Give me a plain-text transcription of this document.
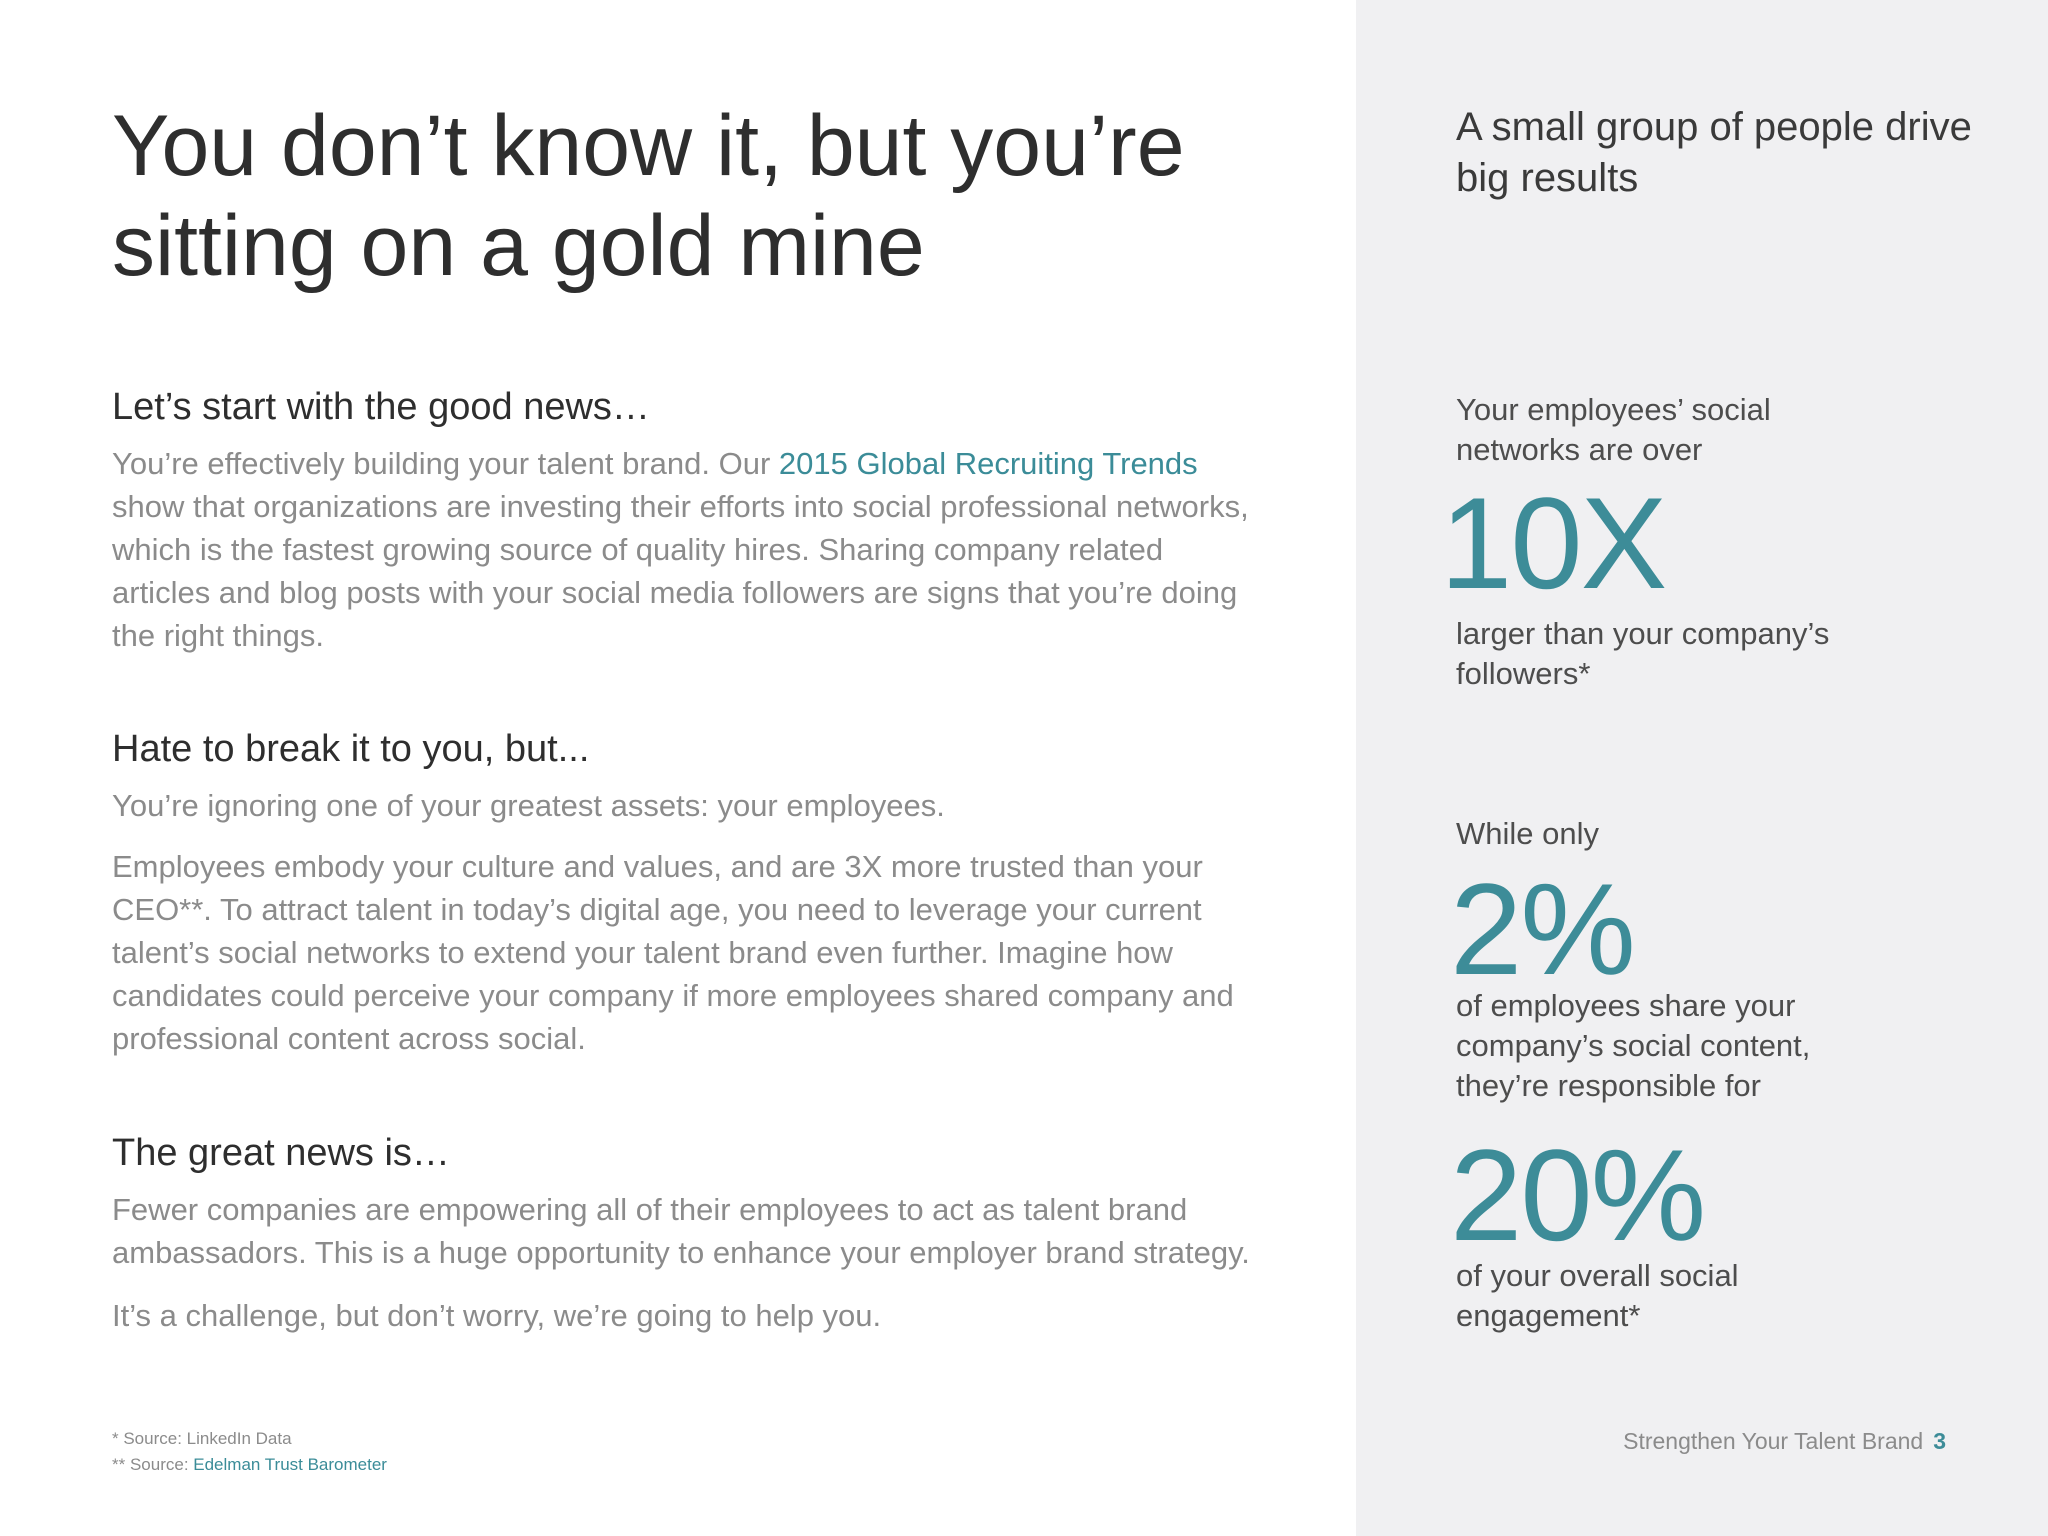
You don’t know it, but you’re sitting on a gold mine
Let’s start with the good news…

You’re effectively building your talent brand. Our 2015 Global Recruiting Trends show that organizations are investing their efforts into social professional networks, which is the fastest growing source of quality hires. Sharing company related articles and blog posts with your social media followers are signs that you’re doing the right things.

Hate to break it to you, but...

You’re ignoring one of your greatest assets: your employees.

Employees embody your culture and values, and are 3X more trusted than your CEO**. To attract talent in today’s digital age, you need to leverage your current talent’s social networks to extend your talent brand even further. Imagine how candidates could perceive your company if more employees shared company and professional content across social.

The great news is…

Fewer companies are empowering all of their employees to act as talent brand ambassadors. This is a huge opportunity to enhance your employer brand strategy.

It’s a challenge, but don’t worry, we’re going to help you.

* Source: LinkedIn Data
** Source: Edelman Trust Barometer
A small group of people drive big results
Your employees’ social networks are over
10X
larger than your company’s followers*
While only
2%
of employees share your company’s social content, they’re responsible for
20%
of your overall social engagement*
Strengthen Your Talent Brand 3
